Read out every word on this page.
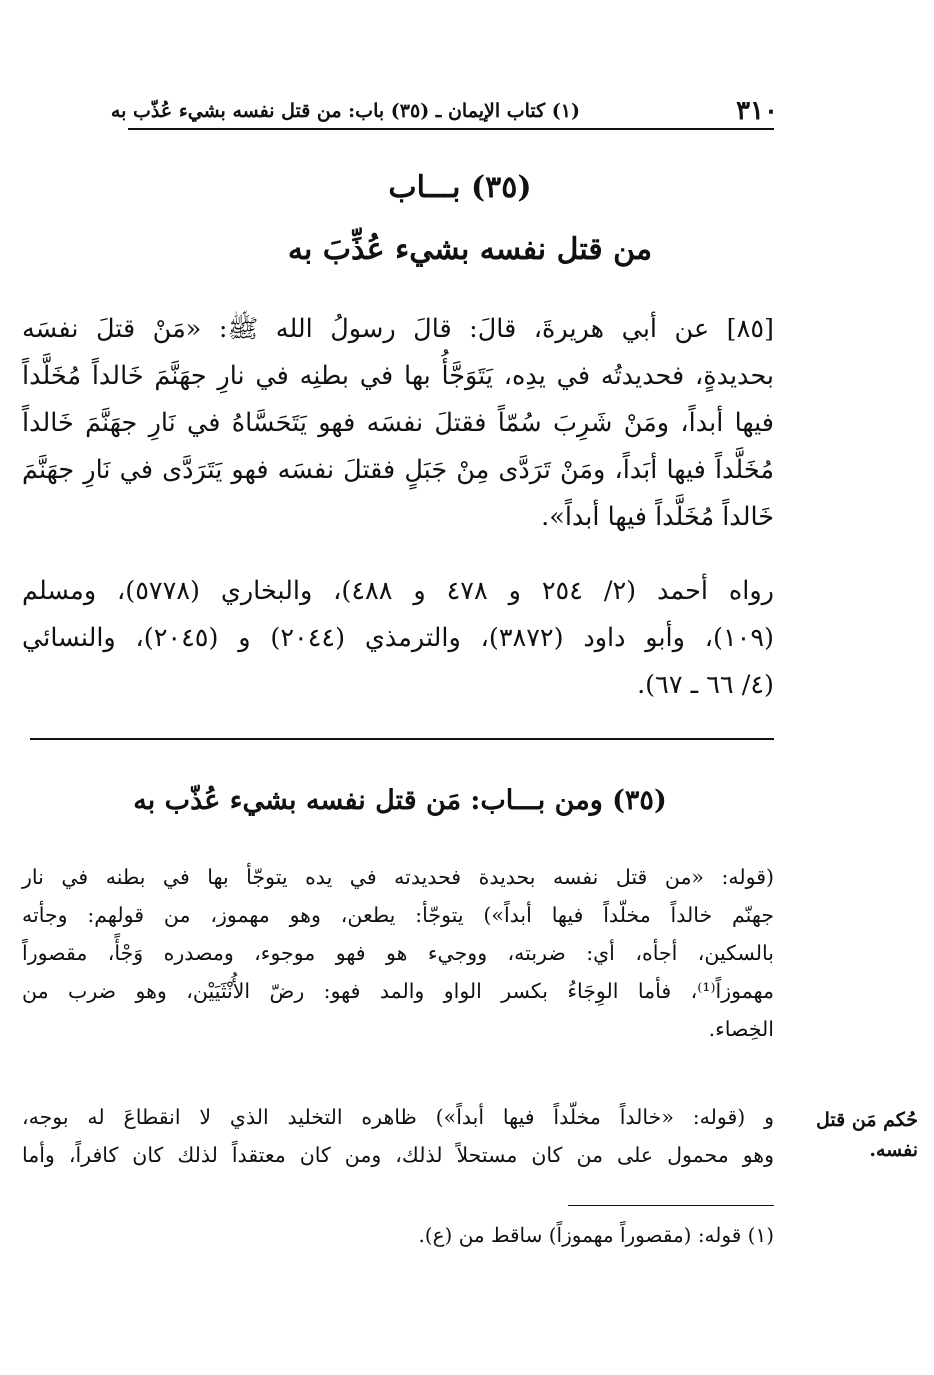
٣١٠
(١) كتاب الإيمان ـ (٣٥) باب: من قتل نفسه بشيء عُذّب به
(٣٥) بـــاب
من قتل نفسه بشيء عُذِّبَ به
[٨٥] عن أبي هريرةَ، قالَ: قالَ رسولُ الله ﷺ: «مَنْ قتلَ نفسَه
بحديدةٍ، فحديدتُه في يدِه، يَتَوَجَّأُ بها في بطنِه في نارِ جهَنَّمَ خَالداً مُخَلَّداً
فيها أبداً، ومَنْ شَرِبَ سُمّاً فقتلَ نفسَه فهو يَتَحَسَّاهُ في نَارِ جهَنَّمَ خَالداً
مُخَلَّداً فيها أبَداً، ومَنْ تَرَدَّى مِنْ جَبَلٍ فقتلَ نفسَه فهو يَتَرَدَّى في نَارِ جهَنَّمَ
خَالداً مُخَلَّداً فيها أبداً».
رواه أحمد (٢/ ٢٥٤ و ٤٧٨ و ٤٨٨)، والبخاري (٥٧٧٨)، ومسلم
(١٠٩)، وأبو داود (٣٨٧٢)، والترمذي (٢٠٤٤) و (٢٠٤٥)، والنسائي
(٤/ ٦٦ ـ ٦٧).
(٣٥) ومن بـــاب: مَن قتل نفسه بشيء عُذّب به
(قوله: «من قتل نفسه بحديدة فحديدته في يده يتوجّأ بها في بطنه في نار
جهنّم خالداً مخلّداً فيها أبداً») يتوجّأ: يطعن، وهو مهموز، من قولهم: وجأته
بالسكين، أجأه، أي: ضربته، ووجيء هو فهو موجوء، ومصدره وَجْأً، مقصوراً
مهموزاً⁽¹⁾، فأما الوِجَاءُ بكسر الواو والمد فهو: رضّ الأُنْثَيَيْن، وهو ضرب من
الخِصاء.
و (قوله: «خالداً مخلّداً فيها أبداً») ظاهره التخليد الذي لا انقطاعَ له بوجه،
وهو محمول على من كان مستحلاً لذلك، ومن كان معتقداً لذلك كان كافراً، وأما
حُكم مَن قتل
نفسه.
(١) قوله: (مقصوراً مهموزاً) ساقط من (ع).
